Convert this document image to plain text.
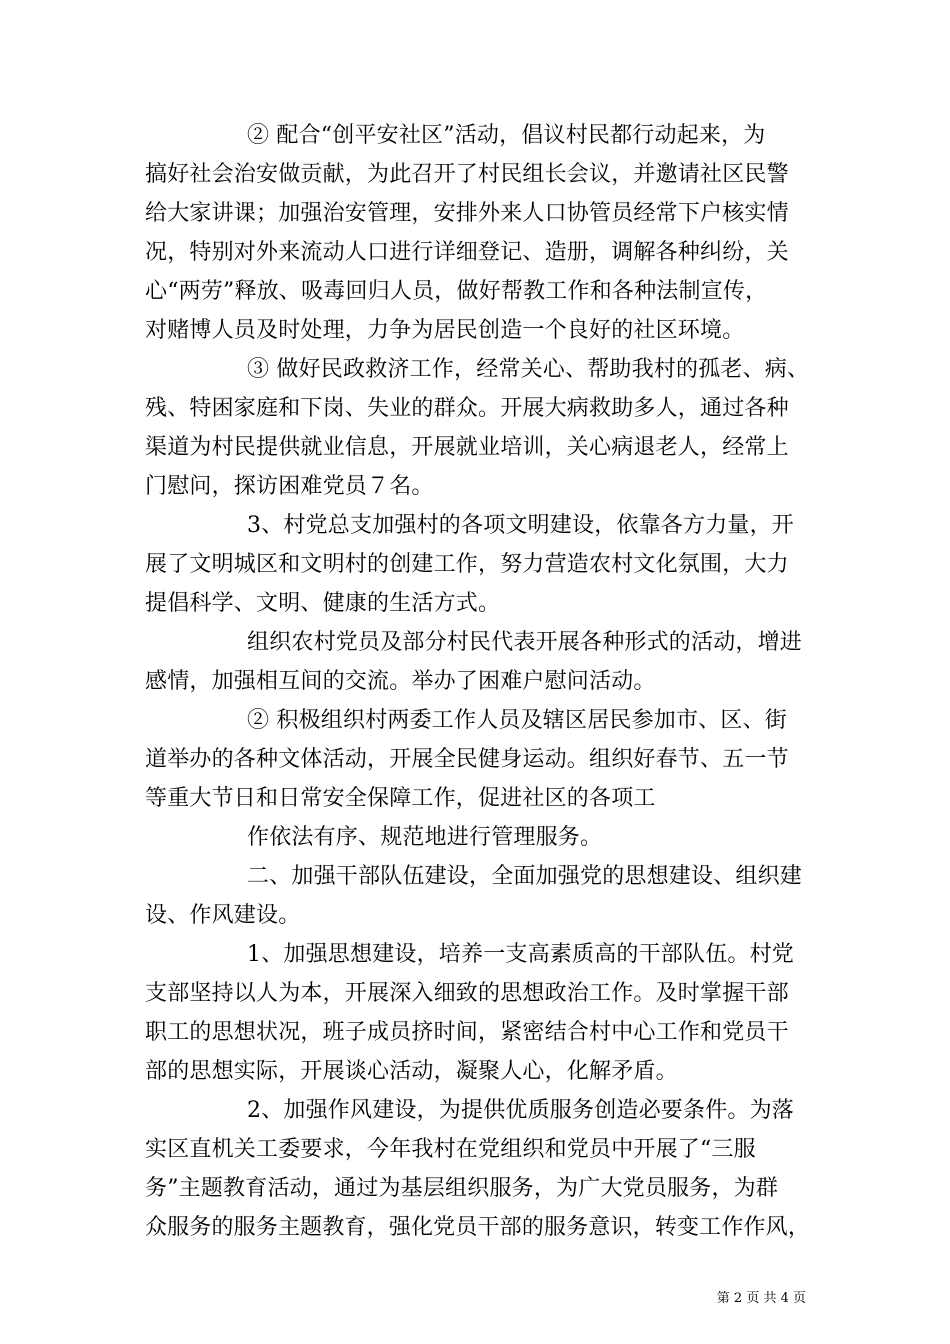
② 配合“创平安社区”活动，倡议村民都行动起来，为
搞好社会治安做贡献，为此召开了村民组长会议，并邀请社区民警
给大家讲课；加强治安管理，安排外来人口协管员经常下户核实情
况，特别对外来流动人口进行详细登记、造册，调解各种纠纷，关
心“两劳”释放、吸毒回归人员，做好帮教工作和各种法制宣传，
对赌博人员及时处理，力争为居民创造一个良好的社区环境。
③ 做好民政救济工作，经常关心、帮助我村的孤老、病、
残、特困家庭和下岗、失业的群众。开展大病救助多人，通过各种
渠道为村民提供就业信息，开展就业培训，关心病退老人，经常上
门慰问，探访困难党员７名。
3、村党总支加强村的各项文明建设，依靠各方力量，开
展了文明城区和文明村的创建工作，努力营造农村文化氛围，大力
提倡科学、文明、健康的生活方式。
组织农村党员及部分村民代表开展各种形式的活动，增进
感情，加强相互间的交流。举办了困难户慰问活动。
② 积极组织村两委工作人员及辖区居民参加市、区、街
道举办的各种文体活动，开展全民健身运动。组织好春节、五一节
等重大节日和日常安全保障工作，促进社区的各项工
作依法有序、规范地进行管理服务。
二、加强干部队伍建设，全面加强党的思想建设、组织建
设、作风建设。
1、加强思想建设，培养一支高素质高的干部队伍。村党
支部坚持以人为本，开展深入细致的思想政治工作。及时掌握干部
职工的思想状况，班子成员挤时间，紧密结合村中心工作和党员干
部的思想实际，开展谈心活动，凝聚人心，化解矛盾。
2、加强作风建设，为提供优质服务创造必要条件。为落
实区直机关工委要求，今年我村在党组织和党员中开展了“三服
务”主题教育活动，通过为基层组织服务，为广大党员服务，为群
众服务的服务主题教育，强化党员干部的服务意识，转变工作作风，
第 2 页 共 4 页
